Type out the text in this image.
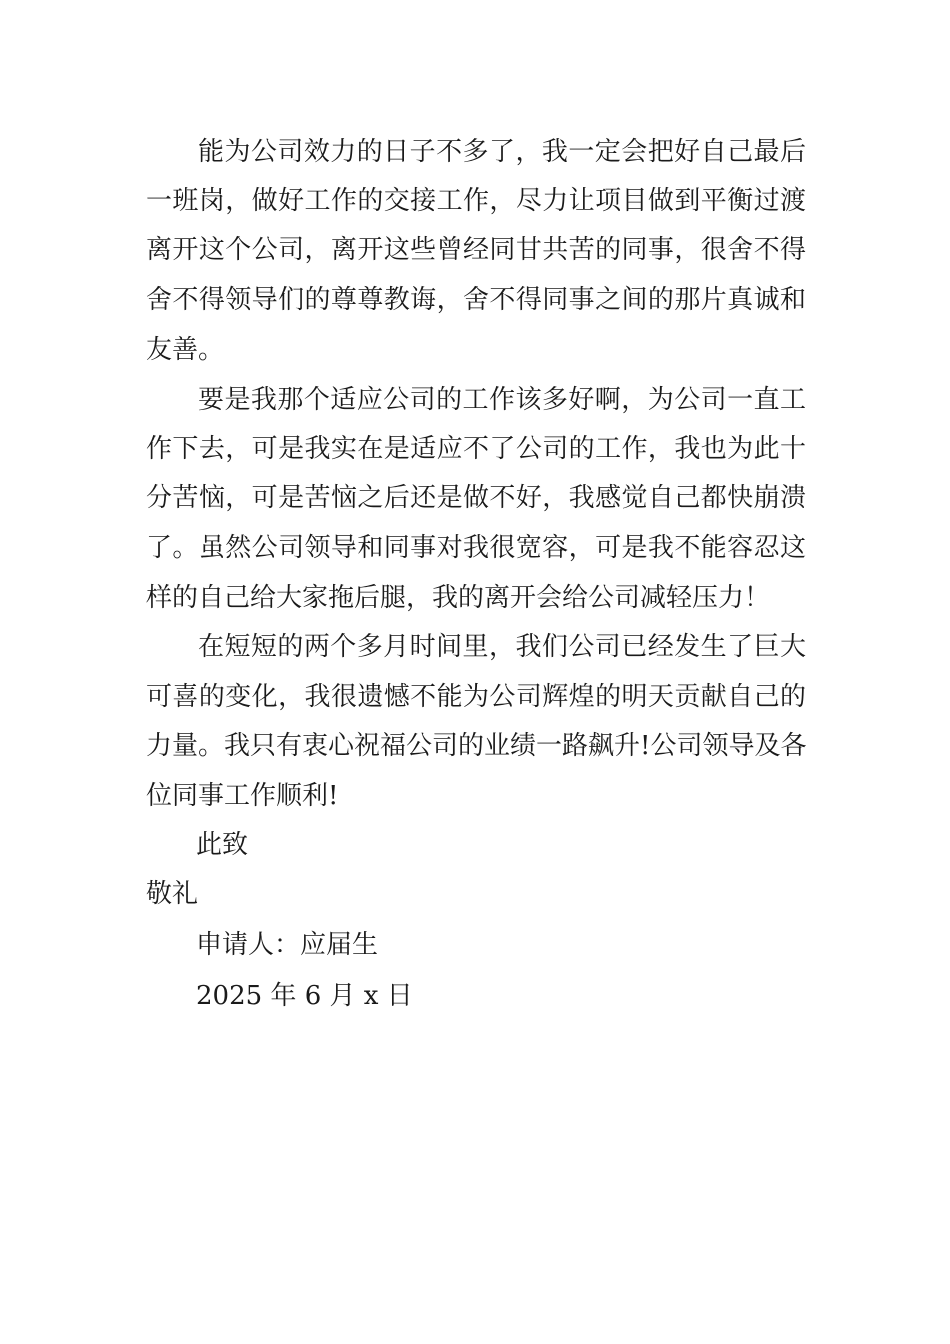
能为公司效力的日子不多了，我一定会把好自己最后
一班岗，做好工作的交接工作，尽力让项目做到平衡过渡
离开这个公司，离开这些曾经同甘共苦的同事，很舍不得
舍不得领导们的尊尊教诲，舍不得同事之间的那片真诚和
友善。
要是我那个适应公司的工作该多好啊，为公司一直工
作下去，可是我实在是适应不了公司的工作，我也为此十
分苦恼，可是苦恼之后还是做不好，我感觉自己都快崩溃
了。虽然公司领导和同事对我很宽容，可是我不能容忍这
样的自己给大家拖后腿，我的离开会给公司减轻压力！
在短短的两个多月时间里，我们公司已经发生了巨大
可喜的变化，我很遗憾不能为公司辉煌的明天贡献自己的
力量。我只有衷心祝福公司的业绩一路飙升!公司领导及各
位同事工作顺利!
此致
敬礼
申请人：应届生
2025 年 6 月 x 日
